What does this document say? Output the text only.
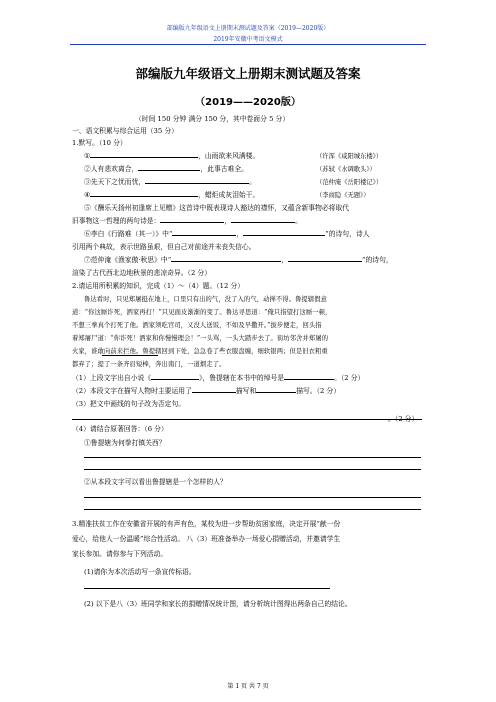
部编版九年级语文上册期末测试题及答案（2019—2020版）
2019年安徽中考语文模式
部编版九年级语文上册期末测试题及答案
（2019——2020版）
（时间 150 分钟 满分 150 分，其中卷面分 5 分）
一、语文积累与综合运用（35 分）
1.默写。（10 分）
①	，山雨欲来风满楼。	（许浑《咸阳城东楼》）
②人有悲欢离合，	，此事古难全。	（苏轼《水调歌头》）
③先天下之忧而忧，	。	（范仲淹《岳阳楼记》）
④	，蜡炬成灰泪始干。	（李商隐《无题》）
⑤《酬乐天扬州初逢席上见赠》这首诗中既表现诗人豁达的襟怀，又蕴含新事物必将取代
旧事物这一哲理的两句诗是：	，	。
⑥李白《行路难（其一）》中“	，	”的诗句，诗人
引用两个典故，表示世路虽艰，但自己对前途并未丧失信心。
⑦范仲淹《渔家傲·秋思》中“	，	”的诗句，
渲染了古代西北边地秋景的悲凉奇异。（2 分）
2.请运用所积累的知识，完成（1）～（4）题。（12 分）
鲁达看时，只见郑屠挺在地上，口里只有出的气，没了入的气，动掸不得。鲁提辖假意
道：“你这厮诈死，洒家再打！”只见面皮渐渐的变了。鲁达寻思道：“俺只指望打这厮一顿，
不想三拳真个打死了他。洒家须吃官司，又没人送饭，不如及早撒开。”拔步便走，回头指
着郑屠尸道：“你诈死！洒家和你慢慢理会！”一头骂，一头大踏步去了。街坊邻舍并郑屠的
火家，谁敢向前来拦他。鲁提辖回到下处，急急卷了些衣服盘缠，细软银两；但是旧衣粗重
都弃了；提了一条齐眉短棒，奔出南门，一道烟走了。
（1）上段文字出自小说《	》，鲁提辖在本书中的绰号是	。（2 分）
（2）本段文字在描写人物时主要运用了	描写和	描写。（2 分）
（3）把文中画线的句子改为否定句。
。（2 分）
（4）请结合原著回答：（6 分）
①鲁提辖为何拳打镇关西？
②从本段文字可以看出鲁提辖是一个怎样的人？
3.精准扶贫工作在安徽省开展的有声有色，某校为进一步帮助贫困家庭，决定开展“献一份
爱心，给他人一份温暖”综合性活动。 八（3）班准备举办一场爱心捐赠活动，并邀请学生
家长参加。请你参与下列活动。
(1)请你为本次活动写一条宣传标语。
(2) 以下是八（3）班同学和家长的捐赠情况统计图，请分析统计图得出两条自己的结论。
第 1 页 共 7 页
